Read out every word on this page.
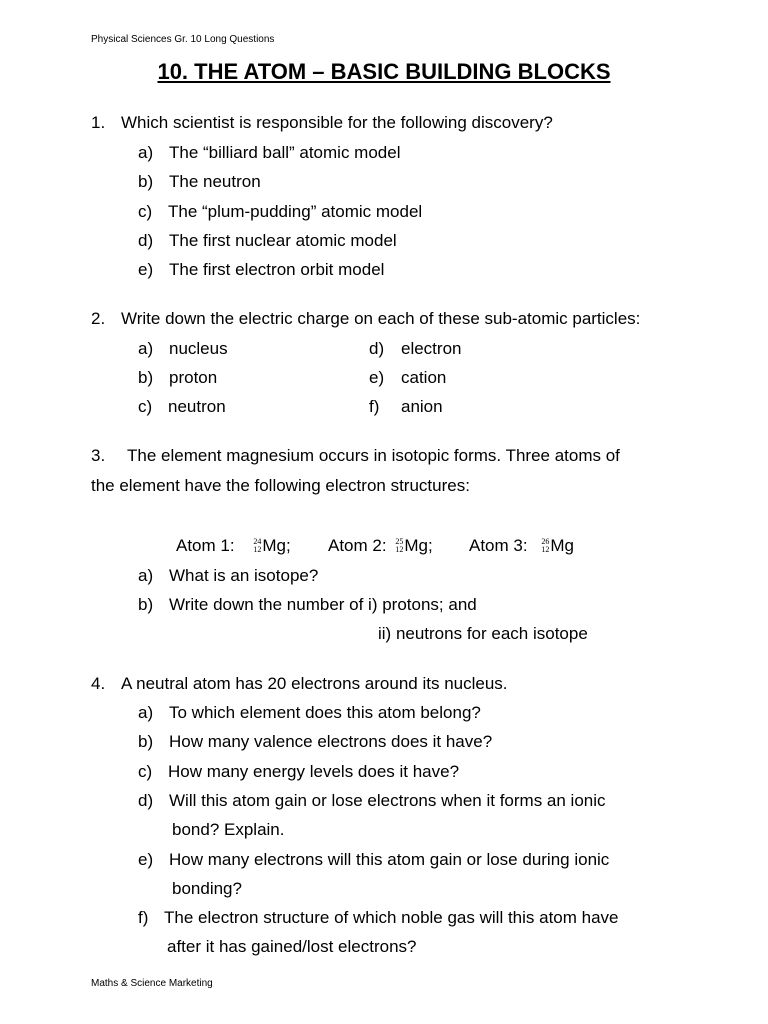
Physical Sciences Gr. 10 Long Questions
10. THE ATOM – BASIC BUILDING BLOCKS
1. Which scientist is responsible for the following discovery?
a) The “billiard ball” atomic model
b) The neutron
c) The “plum-pudding” atomic model
d) The first nuclear atomic model
e) The first electron orbit model
2. Write down the electric charge on each of these sub-atomic particles:
a) nucleus	d) electron
b) proton	e) cation
c) neutron	f) anion
3. The element magnesium occurs in isotopic forms. Three atoms of
the element have the following electron structures:
Atom 1: 24
12 Mg; Atom 2: 25
12 Mg; Atom 3: 26
12 Mg
a) What is an isotope?
b) Write down the number of i) protons; and
ii) neutrons for each isotope
4. A neutral atom has 20 electrons around its nucleus.
a) To which element does this atom belong?
b) How many valence electrons does it have?
c) How many energy levels does it have?
d) Will this atom gain or lose electrons when it forms an ionic
bond? Explain.
e) How many electrons will this atom gain or lose during ionic
bonding?
f) The electron structure of which noble gas will this atom have
after it has gained/lost electrons?
Maths & Science Marketing
